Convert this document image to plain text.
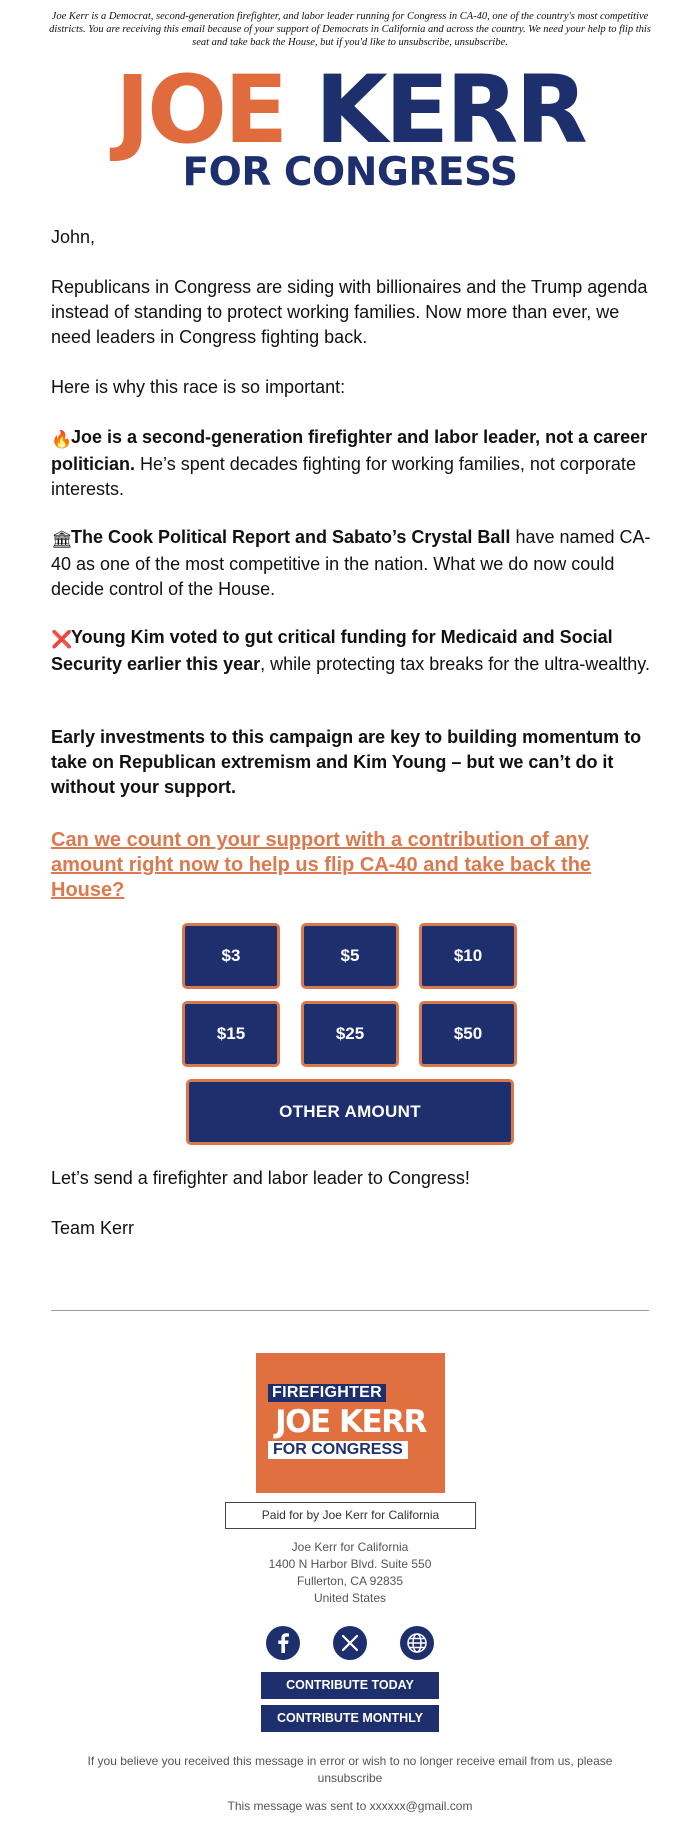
Joe Kerr is a Democrat, second-generation firefighter, and labor leader running for Congress in CA-40, one of the country's most competitive districts. You are receiving this email because of your support of Democrats in California and across the country. We need your help to flip this seat and take back the House, but if you'd like to unsubscribe, unsubscribe.
JOE KERR
FOR CONGRESS
John,
Republicans in Congress are siding with billionaires and the Trump agenda instead of standing to protect working families. Now more than ever, we need leaders in Congress fighting back.
Here is why this race is so important:
🔥Joe is a second-generation firefighter and labor leader, not a career politician. He’s spent decades fighting for working families, not corporate interests.
🏛The Cook Political Report and Sabato’s Crystal Ball have named CA-40 as one of the most competitive in the nation. What we do now could decide control of the House.
❌Young Kim voted to gut critical funding for Medicaid and Social Security earlier this year, while protecting tax breaks for the ultra-wealthy.
Early investments to this campaign are key to building momentum to take on Republican extremism and Kim Young – but we can’t do it without your support.
Can we count on your support with a contribution of any amount right now to help us flip CA-40 and take back the House?
$3	$5	$10
$15	$25	$50
OTHER AMOUNT
Let’s send a firefighter and labor leader to Congress!
Team Kerr
FIREFIGHTER
JOE KERR
FOR CONGRESS
Paid for by Joe Kerr for California
Joe Kerr for California
1400 N Harbor Blvd. Suite 550
Fullerton, CA 92835
United States
CONTRIBUTE TODAY
CONTRIBUTE MONTHLY
If you believe you received this message in error or wish to no longer receive email from us, please
unsubscribe
This message was sent to xxxxxx@gmail.com
